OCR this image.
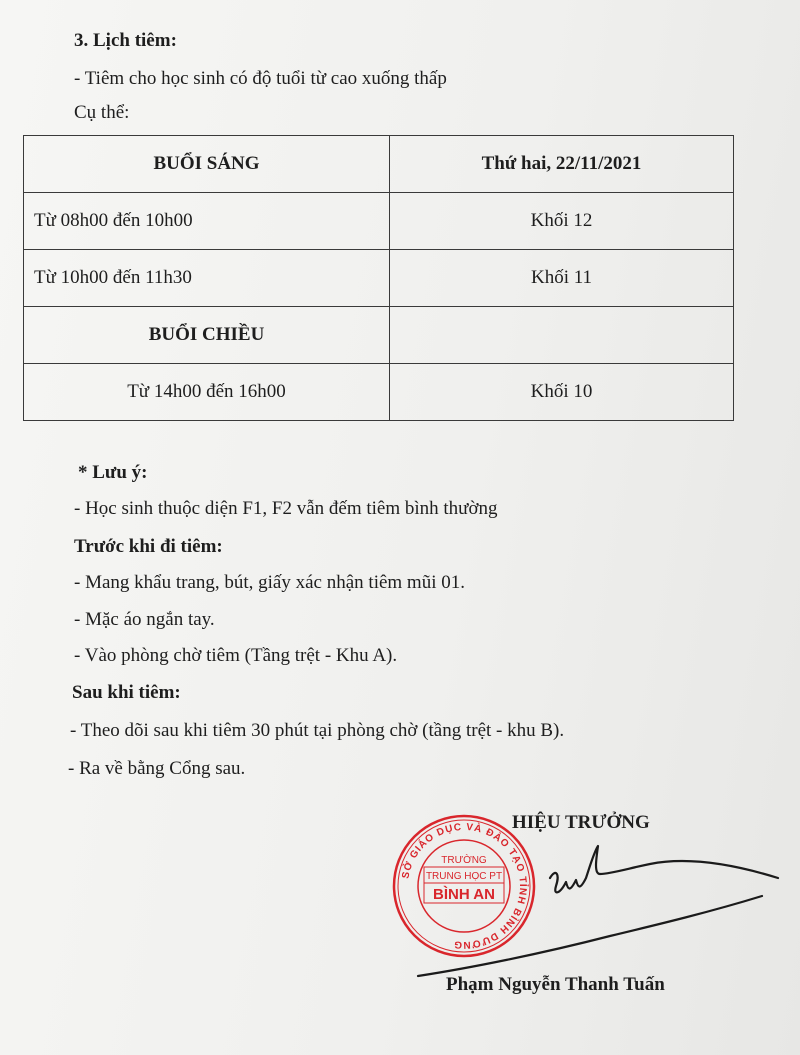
3. Lịch tiêm:
- Tiêm cho học sinh có độ tuổi từ cao xuống thấp
Cụ thể:
BUỔI SÁNG	Thứ hai, 22/11/2021
Từ 08h00 đến 10h00	Khối 12
Từ 10h00 đến 11h30	Khối 11
BUỔI CHIỀU	
Từ 14h00 đến 16h00	Khối 10
* Lưu ý:
- Học sinh thuộc diện F1, F2 vẫn đếm tiêm bình thường
Trước khi đi tiêm:
- Mang khẩu trang, bút, giấy xác nhận tiêm mũi 01.
- Mặc áo ngắn tay.
- Vào phòng chờ tiêm (Tầng trệt - Khu A).
Sau khi tiêm:
- Theo dõi sau khi tiêm 30 phút tại phòng chờ (tầng trệt - khu B).
- Ra về bằng Cổng sau.
HIỆU TRƯỞNG
SỞ GIÁO DỤC VÀ ĐÀO TẠO TỈNH BÌNH DƯƠNG
TRƯỜNG
TRUNG HỌC PT
BÌNH AN
Phạm Nguyễn Thanh Tuấn
